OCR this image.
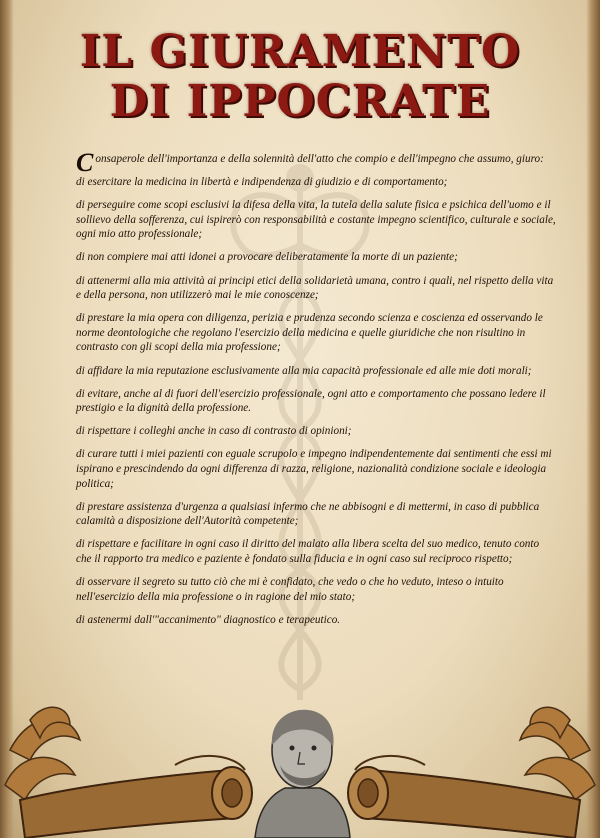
IL GIURAMENTO
DI IPPOCRATE

Consaperole dell'importanza e della solennità dell'atto che compio e dell'impegno che assumo, giuro:

di esercitare la medicina in libertà e indipendenza di giudizio e di comportamento;

di perseguire come scopi esclusivi la difesa della vita, la tutela della salute fisica e psichica dell'uomo e il sollievo della sofferenza, cui ispirerò con responsabilità e costante impegno scientifico, culturale e sociale, ogni mio atto professionale;

di non compiere mai atti idonei a provocare deliberatamente la morte di un paziente;

di attenermi alla mia attività ai principi etici della solidarietà umana, contro i quali, nel rispetto della vita e della persona, non utilizzerò mai le mie conoscenze;

di prestare la mia opera con diligenza, perizia e prudenza secondo scienza e coscienza ed osservando le norme deontologiche che regolano l'esercizio della medicina e quelle giuridiche che non risultino in contrasto con gli scopi della mia professione;

di affidare la mia reputazione esclusivamente alla mia capacità professionale ed alle mie doti morali;

di evitare, anche al di fuori dell'esercizio professionale, ogni atto e comportamento che possano ledere il prestigio e la dignità della professione.

di rispettare i colleghi anche in caso di contrasto di opinioni;

di curare tutti i miei pazienti con eguale scrupolo e impegno indipendentemente dai sentimenti che essi mi ispirano e prescindendo da ogni differenza di razza, religione, nazionalità condizione sociale e ideologia politica;

di prestare assistenza d'urgenza a qualsiasi infermo che ne abbisogni e di mettermi, in caso di pubblica calamità a disposizione dell'Autorità competente;

di rispettare e facilitare in ogni caso il diritto del malato alla libera scelta del suo medico, tenuto conto che il rapporto tra medico e paziente è fondato sulla fiducia e in ogni caso sul reciproco rispetto;

di osservare il segreto su tutto ciò che mi è confidato, che vedo o che ho veduto, inteso o intuito nell'esercizio della mia professione o in ragione del mio stato;

di astenermi dall'"accanimento" diagnostico e terapeutico.
